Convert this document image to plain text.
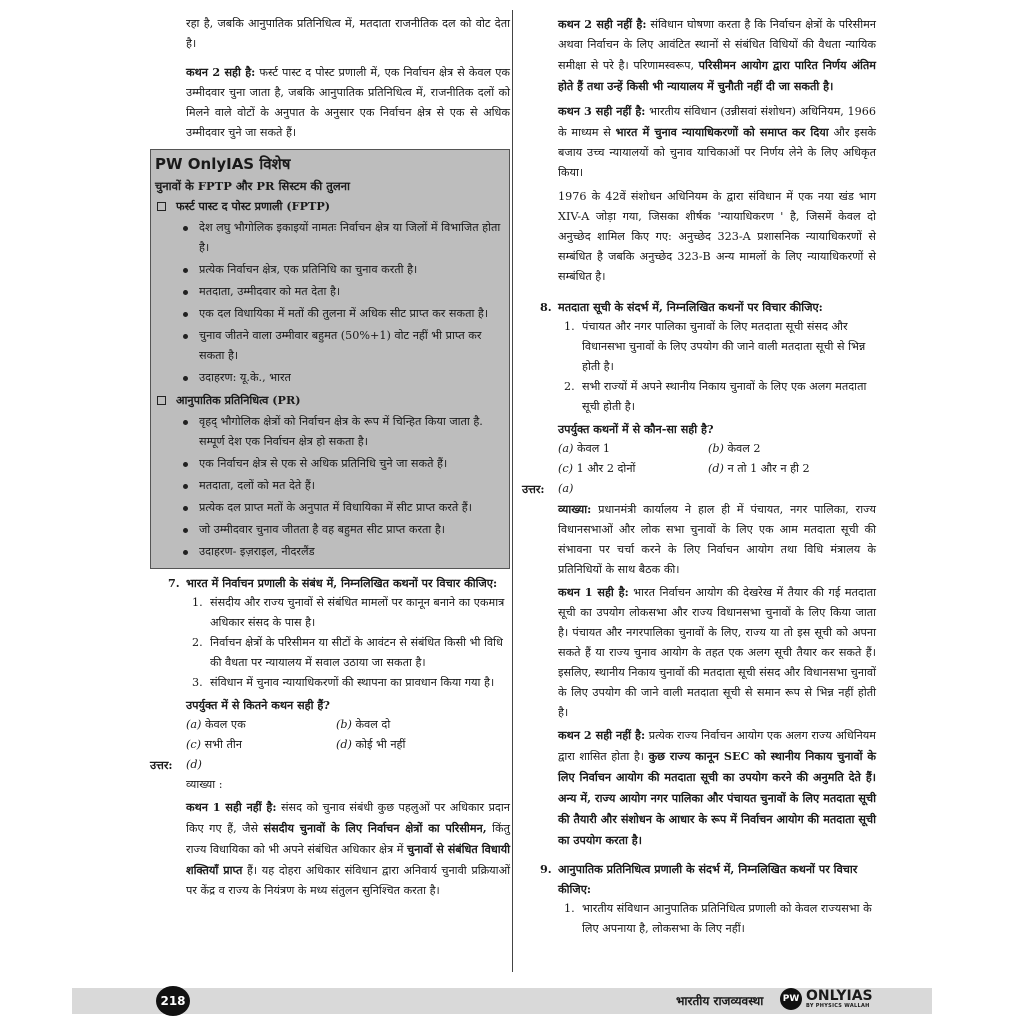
रहा है, जबकि आनुपातिक प्रतिनिधित्व में, मतदाता राजनीतिक दल को वोट देता है।

कथन 2 सही है: फर्स्ट पास्ट द पोस्ट प्रणाली में, एक निर्वाचन क्षेत्र से केवल एक उम्मीदवार चुना जाता है, जबकि आनुपातिक प्रतिनिधित्व में, राजनीतिक दलों को मिलने वाले वोटों के अनुपात के अनुसार एक निर्वाचन क्षेत्र से एक से अधिक उम्मीदवार चुने जा सकते हैं।

PW OnlyIAS विशेष
चुनावों के FPTP और PR सिस्टम की तुलना
फर्स्ट पास्ट द पोस्ट प्रणाली (FPTP)
देश लघु भौगोलिक इकाइयों नामतः निर्वाचन क्षेत्र या जिलों में विभाजित होता है।
प्रत्येक निर्वाचन क्षेत्र, एक प्रतिनिधि का चुनाव करती है।
मतदाता, उम्मीदवार को मत देता है।
एक दल विधायिका में मतों की तुलना में अधिक सीट प्राप्त कर सकता है।
चुनाव जीतने वाला उम्मीवार बहुमत (50%+1) वोट नहीं भी प्राप्त कर सकता है।
उदाहरण: यू.के., भारत
आनुपातिक प्रतिनिधित्व (PR)
वृहद् भौगोलिक क्षेत्रों को निर्वाचन क्षेत्र के रूप में चिन्हित किया जाता है. सम्पूर्ण देश एक निर्वाचन क्षेत्र हो सकता है।
एक निर्वाचन क्षेत्र से एक से अधिक प्रतिनिधि चुने जा सकते हैं।
मतदाता, दलों को मत देते हैं।
प्रत्येक दल प्राप्त मतों के अनुपात में विधायिका में सीट प्राप्त करते हैं।
जो उम्मीदवार चुनाव जीतता है वह बहुमत सीट प्राप्त करता है।
उदाहरण- इज़राइल, नीदरलैंड
7. भारत में निर्वाचन प्रणाली के संबंध में, निम्नलिखित कथनों पर विचार कीजिए:
1. संसदीय और राज्य चुनावों से संबंधित मामलों पर कानून बनाने का एकमात्र अधिकार संसद के पास है।
2. निर्वाचन क्षेत्रों के परिसीमन या सीटों के आवंटन से संबंधित किसी भी विधि की वैधता पर न्यायालय में सवाल उठाया जा सकता है।
3. संविधान में चुनाव न्यायाधिकरणों की स्थापना का प्रावधान किया गया है।

उपर्युक्त में से कितने कथन सही हैं?

(a) केवल एक	(b) केवल दो
(c) सभी तीन	(d) कोई भी नहीं
उत्तर:	(d)

व्याख्या :

कथन 1 सही नहीं है: संसद को चुनाव संबंधी कुछ पहलुओं पर अधिकार प्रदान किए गए हैं, जैसे संसदीय चुनावों के लिए निर्वाचन क्षेत्रों का परिसीमन, किंतु राज्य विधायिका को भी अपने संबंधित अधिकार क्षेत्र में चुनावों से संबंधित विधायी शक्तियाँ प्राप्त हैं। यह दोहरा अधिकार संविधान द्वारा अनिवार्य चुनावी प्रक्रियाओं पर केंद्र व राज्य के नियंत्रण के मध्य संतुलन सुनिश्चित करता है।

कथन 2 सही नहीं है: संविधान घोषणा करता है कि निर्वाचन क्षेत्रों के परिसीमन अथवा निर्वाचन के लिए आवंटित स्थानों से संबंधित विधियों की वैधता न्यायिक समीक्षा से परे है। परिणामस्वरूप, परिसीमन आयोग द्वारा पारित निर्णय अंतिम होते हैं तथा उन्हें किसी भी न्यायालय में चुनौती नहीं दी जा सकती है।

कथन 3 सही नहीं है: भारतीय संविधान (उन्नीसवां संशोधन) अधिनियम, 1966 के माध्यम से भारत में चुनाव न्यायाधिकरणों को समाप्त कर दिया और इसके बजाय उच्च न्यायालयों को चुनाव याचिकाओं पर निर्णय लेने के लिए अधिकृत किया।

1976 के 42वें संशोधन अधिनियम के द्वारा संविधान में एक नया खंड भाग XIV-A जोड़ा गया, जिसका शीर्षक 'न्यायाधिकरण ' है, जिसमें केवल दो अनुच्छेद शामिल किए गए: अनुच्छेद 323-A प्रशासनिक न्यायाधिकरणों से सम्बंधित है जबकि अनुच्छेद 323-B अन्य मामलों के लिए न्यायाधिकरणों से सम्बंधित है।

8. मतदाता सूची के संदर्भ में, निम्नलिखित कथनों पर विचार कीजिए:
1. पंचायत और नगर पालिका चुनावों के लिए मतदाता सूची संसद और विधानसभा चुनावों के लिए उपयोग की जाने वाली मतदाता सूची से भिन्न होती है।
2. सभी राज्यों में अपने स्थानीय निकाय चुनावों के लिए एक अलग मतदाता सूची होती है।

उपर्युक्त कथनों में से कौन-सा सही है?

(a) केवल 1	(b) केवल 2
(c) 1 और 2 दोनों	(d) न तो 1 और न ही 2
उत्तर:	(a)

व्याख्या: प्रधानमंत्री कार्यालय ने हाल ही में पंचायत, नगर पालिका, राज्य विधानसभाओं और लोक सभा चुनावों के लिए एक आम मतदाता सूची की संभावना पर चर्चा करने के लिए निर्वाचन आयोग तथा विधि मंत्रालय के प्रतिनिधियों के साथ बैठक की।

कथन 1 सही है: भारत निर्वाचन आयोग की देखरेख में तैयार की गई मतदाता सूची का उपयोग लोकसभा और राज्य विधानसभा चुनावों के लिए किया जाता है। पंचायत और नगरपालिका चुनावों के लिए, राज्य या तो इस सूची को अपना सकते हैं या राज्य चुनाव आयोग के तहत एक अलग सूची तैयार कर सकते हैं। इसलिए, स्थानीय निकाय चुनावों की मतदाता सूची संसद और विधानसभा चुनावों के लिए उपयोग की जाने वाली मतदाता सूची से समान रूप से भिन्न नहीं होती है।

कथन 2 सही नहीं है: प्रत्येक राज्य निर्वाचन आयोग एक अलग राज्य अधिनियम द्वारा शासित होता है। कुछ राज्य कानून SEC को स्थानीय निकाय चुनावों के लिए निर्वाचन आयोग की मतदाता सूची का उपयोग करने की अनुमति देते हैं। अन्य में, राज्य आयोग नगर पालिका और पंचायत चुनावों के लिए मतदाता सूची की तैयारी और संशोधन के आधार के रूप में निर्वाचन आयोग की मतदाता सूची का उपयोग करता है।

9. आनुपातिक प्रतिनिधित्व प्रणाली के संदर्भ में, निम्नलिखित कथनों पर विचार कीजिए:
1. भारतीय संविधान आनुपातिक प्रतिनिधित्व प्रणाली को केवल राज्यसभा के लिए अपनाया है, लोकसभा के लिए नहीं।
218	भारतीय राजव्यवस्था	PW ONLYIAS
BY PHYSICS WALLAH
